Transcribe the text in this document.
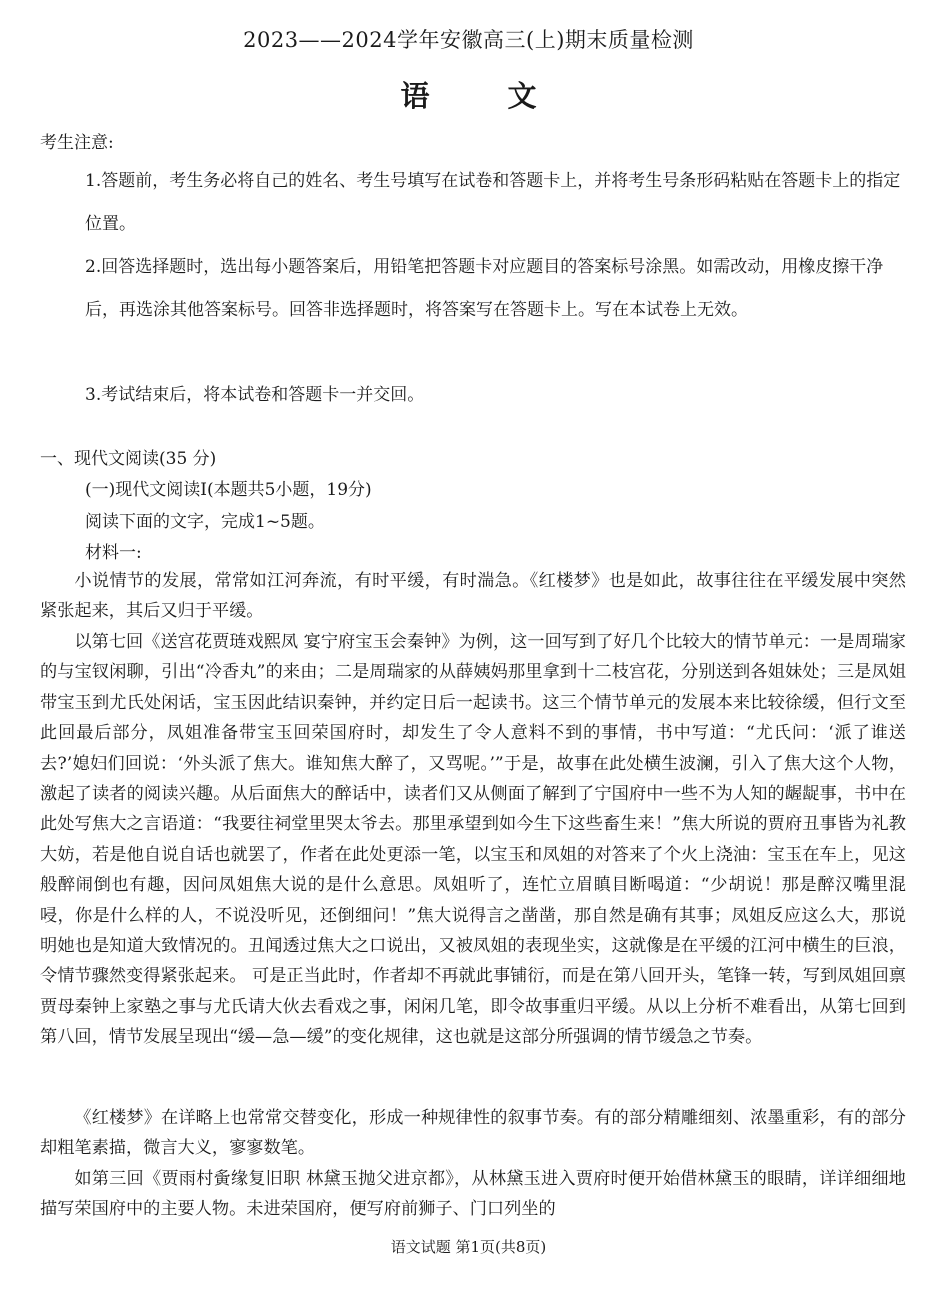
2023——2024学年安徽高三(上)期末质量检测
语 文
考生注意:
1.答题前，考生务必将自己的姓名、考生号填写在试卷和答题卡上，并将考生号条形码粘贴在答题卡上的指定位置。
2.回答选择题时，选出每小题答案后，用铅笔把答题卡对应题目的答案标号涂黑。如需改动，用橡皮擦干净后，再选涂其他答案标号。回答非选择题时，将答案写在答题卡上。写在本试卷上无效。
3.考试结束后，将本试卷和答题卡一并交回。
一、现代文阅读(35 分)
(一)现代文阅读Ⅰ(本题共5小题，19分)
阅读下面的文字，完成1~5题。
材料一:

小说情节的发展，常常如江河奔流，有时平缓，有时湍急。《红楼梦》也是如此，故事往往在平缓发展中突然紧张起来，其后又归于平缓。

以第七回《送宫花贾琏戏熙凤 宴宁府宝玉会秦钟》为例，这一回写到了好几个比较大的情节单元：一是周瑞家的与宝钗闲聊，引出“冷香丸”的来由；二是周瑞家的从薛姨妈那里拿到十二枝宫花，分别送到各姐妹处；三是凤姐带宝玉到尤氏处闲话，宝玉因此结识秦钟，并约定日后一起读书。这三个情节单元的发展本来比较徐缓，但行文至此回最后部分，凤姐准备带宝玉回荣国府时，却发生了令人意料不到的事情，书中写道：“尤氏问：‘派了谁送去?’媳妇们回说：‘外头派了焦大。谁知焦大醉了，又骂呢。’”于是，故事在此处横生波澜，引入了焦大这个人物，激起了读者的阅读兴趣。从后面焦大的醉话中，读者们又从侧面了解到了宁国府中一些不为人知的龌龊事，书中在此处写焦大之言语道：“我要往祠堂里哭太爷去。那里承望到如今生下这些畜生来！”焦大所说的贾府丑事皆为礼教大妨，若是他自说自话也就罢了，作者在此处更添一笔，以宝玉和凤姐的对答来了个火上浇油：宝玉在车上，见这般醉闹倒也有趣，因问凤姐焦大说的是什么意思。凤姐听了，连忙立眉瞋目断喝道：“少胡说！那是醉汉嘴里混唚，你是什么样的人，不说没听见，还倒细问！”焦大说得言之凿凿，那自然是确有其事；凤姐反应这么大，那说明她也是知道大致情况的。丑闻透过焦大之口说出，又被凤姐的表现坐实，这就像是在平缓的江河中横生的巨浪，令情节骤然变得紧张起来。 可是正当此时，作者却不再就此事铺衍，而是在第八回开头，笔锋一转，写到凤姐回禀贾母秦钟上家塾之事与尤氏请大伙去看戏之事，闲闲几笔，即令故事重归平缓。从以上分析不难看出，从第七回到第八回，情节发展呈现出“缓—急—缓”的变化规律，这也就是这部分所强调的情节缓急之节奏。

《红楼梦》在详略上也常常交替变化，形成一种规律性的叙事节奏。有的部分精雕细刻、浓墨重彩，有的部分却粗笔素描，微言大义，寥寥数笔。

如第三回《贾雨村夤缘复旧职 林黛玉抛父进京都》，从林黛玉进入贾府时便开始借林黛玉的眼睛，详详细细地描写荣国府中的主要人物。未进荣国府，便写府前狮子、门口列坐的

语文试题 第1页(共8页)
